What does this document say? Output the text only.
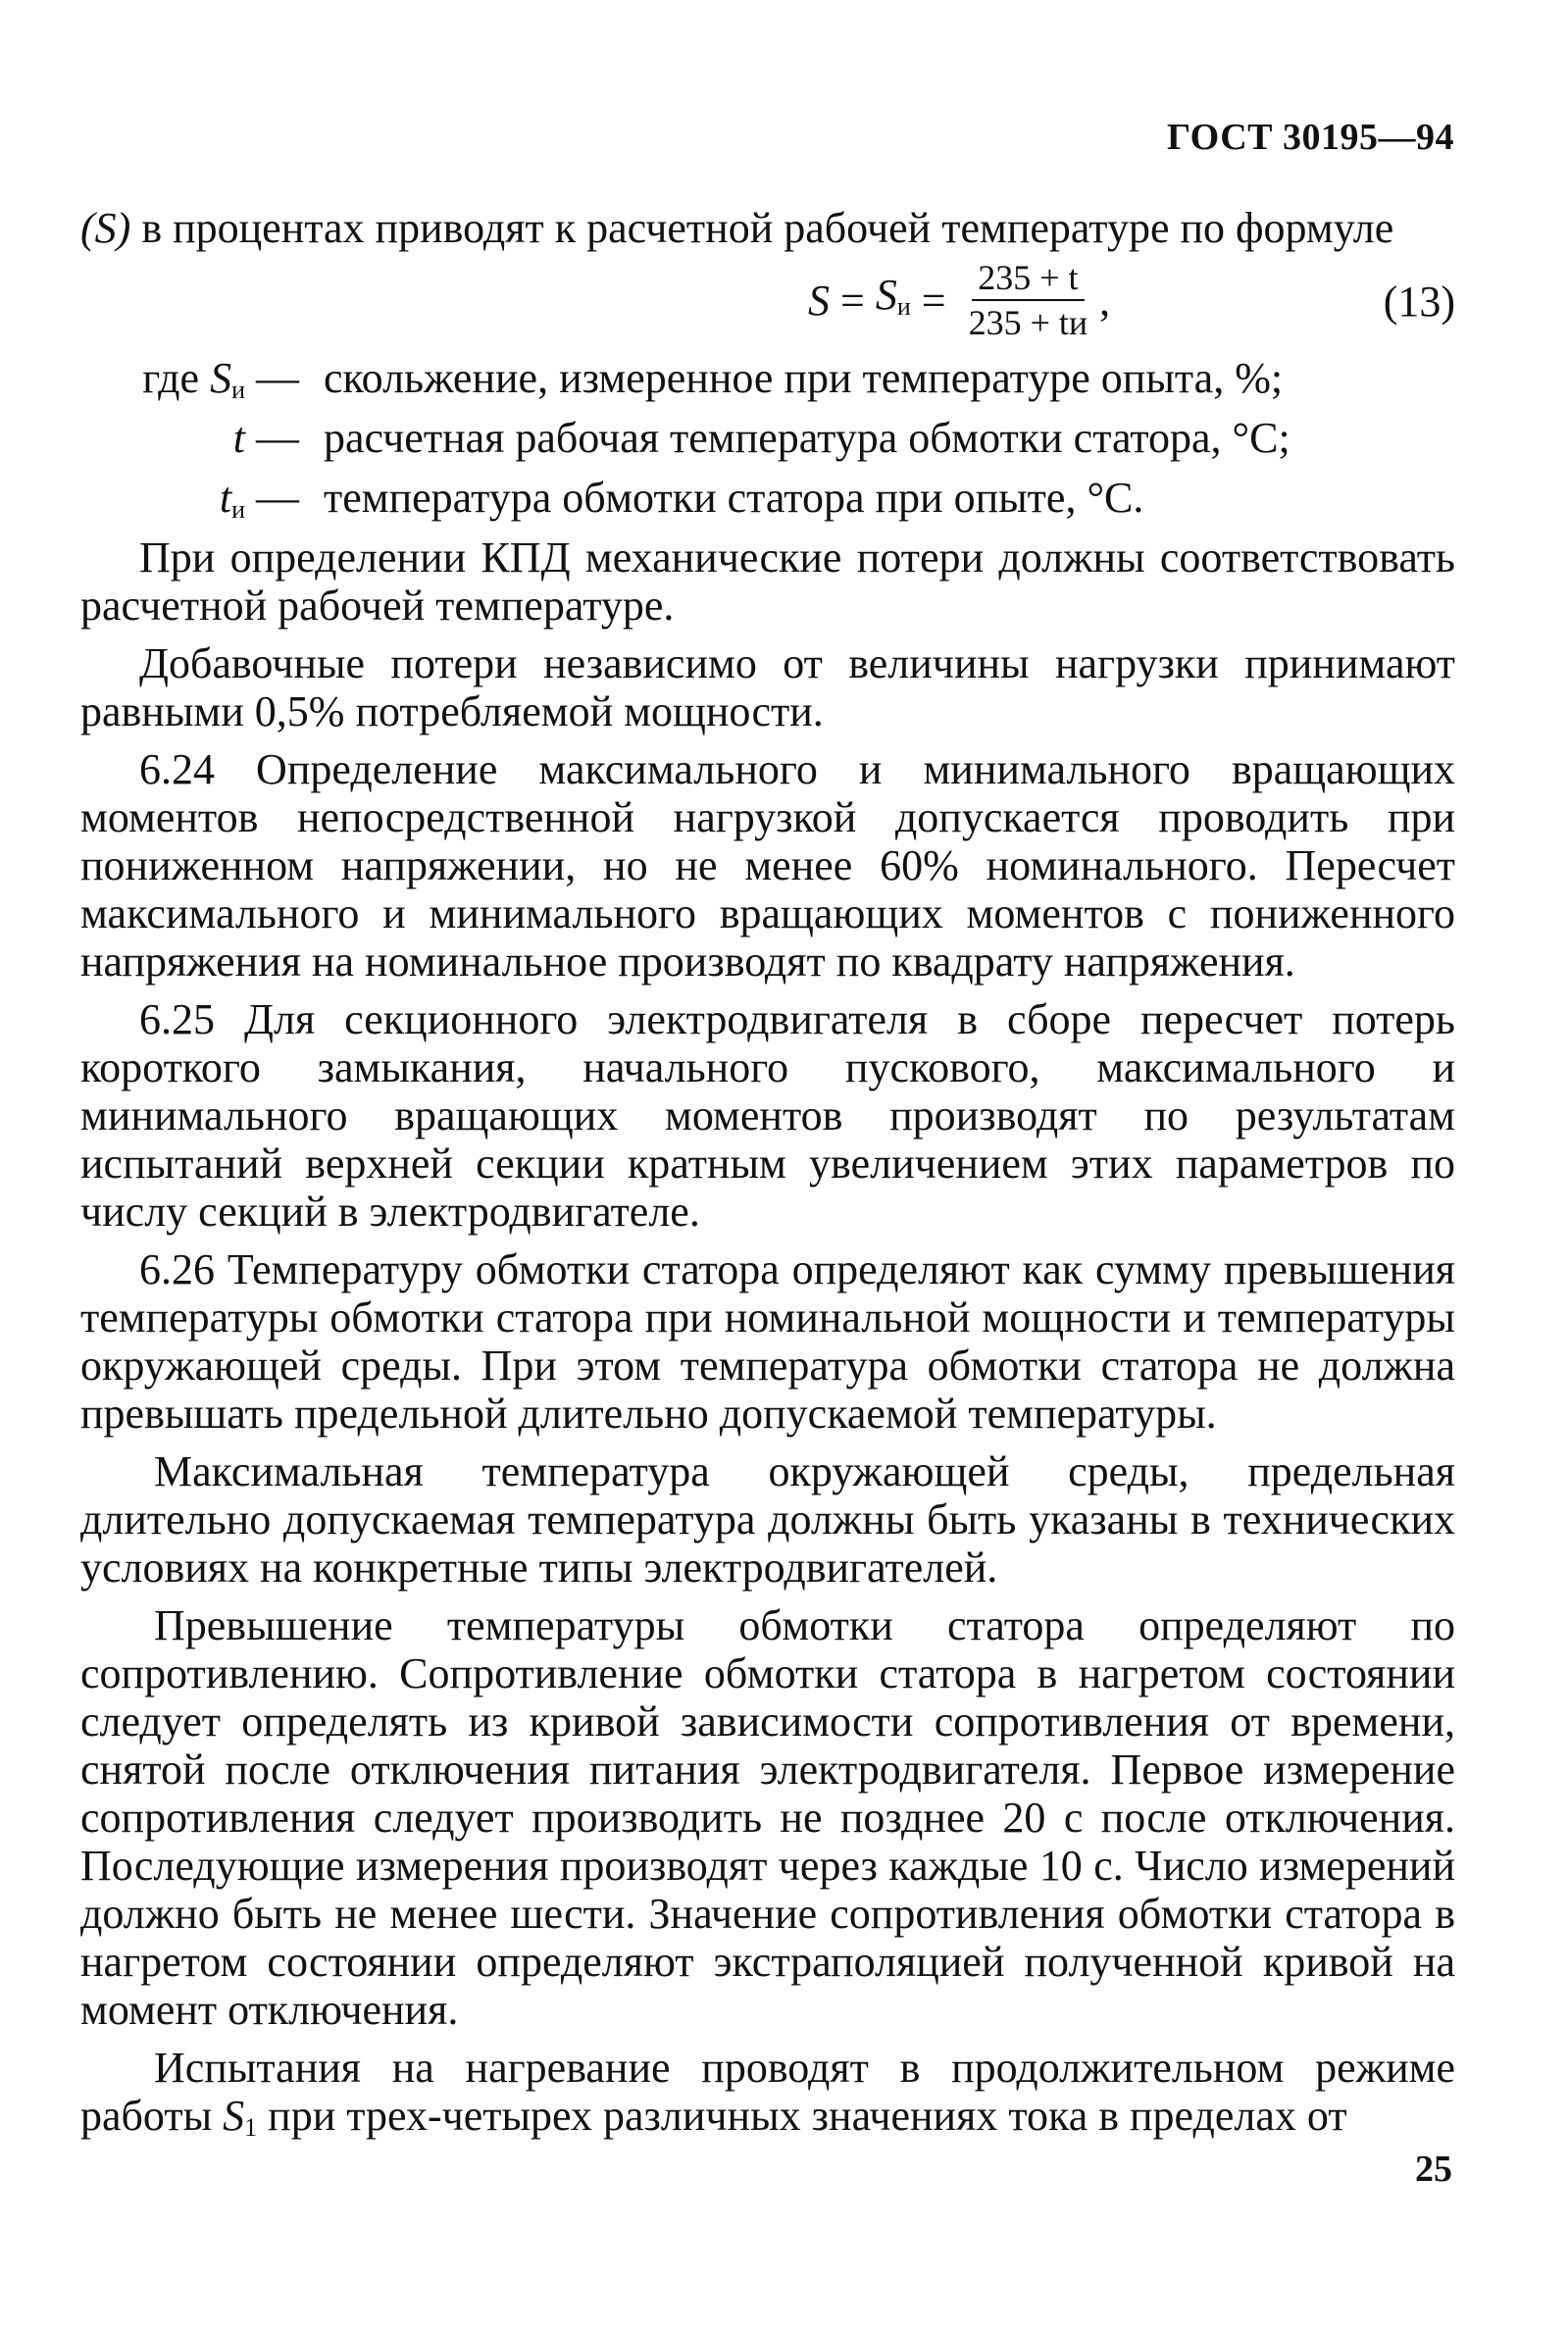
ГОСТ 30195—94

(S) в процентах приводят к расчетной рабочей температуре по формуле

$S = S_и = \frac{235 + t}{235 + tи}$ ,	(13)
где $S_и$ — скольжение, измеренное при температуре опыта, %;
t — расчетная рабочая температура обмотки статора, °С;
$t_и$ — температура обмотки статора при опыте, °С.

При определении КПД механические потери должны соответствовать расчетной рабочей температуре.

Добавочные потери независимо от величины нагрузки принимают равными 0,5% потребляемой мощности.

6.24 Определение максимального и минимального вращающих моментов непосредственной нагрузкой допускается проводить при пониженном напряжении, но не менее 60% номинального. Пересчет максимального и минимального вращающих моментов с пониженного напряжения на номинальное производят по квадрату напряжения.

6.25 Для секционного электродвигателя в сборе пересчет потерь короткого замыкания, начального пускового, максимального и минимального вращающих моментов производят по результатам испытаний верхней секции кратным увеличением этих параметров по числу секций в электродвигателе.

6.26 Температуру обмотки статора определяют как сумму превышения температуры обмотки статора при номинальной мощности и температуры окружающей среды. При этом температура обмотки статора не должна превышать предельной длительно допускаемой температуры.

Максимальная температура окружающей среды, предельная длительно допускаемая температура должны быть указаны в технических условиях на конкретные типы электродвигателей.

Превышение температуры обмотки статора определяют по сопротивлению. Сопротивление обмотки статора в нагретом состоянии следует определять из кривой зависимости сопротивления от времени, снятой после отключения питания электродвигателя. Первое измерение сопротивления следует производить не позднее 20 с после отключения. Последующие измерения производят через каждые 10 с. Число измерений должно быть не менее шести. Значение сопротивления обмотки статора в нагретом состоянии определяют экстраполяцией полученной кривой на момент отключения.

Испытания на нагревание проводят в продолжительном режиме работы $S_1$ при трех-четырех различных значениях тока в пределах от

25
